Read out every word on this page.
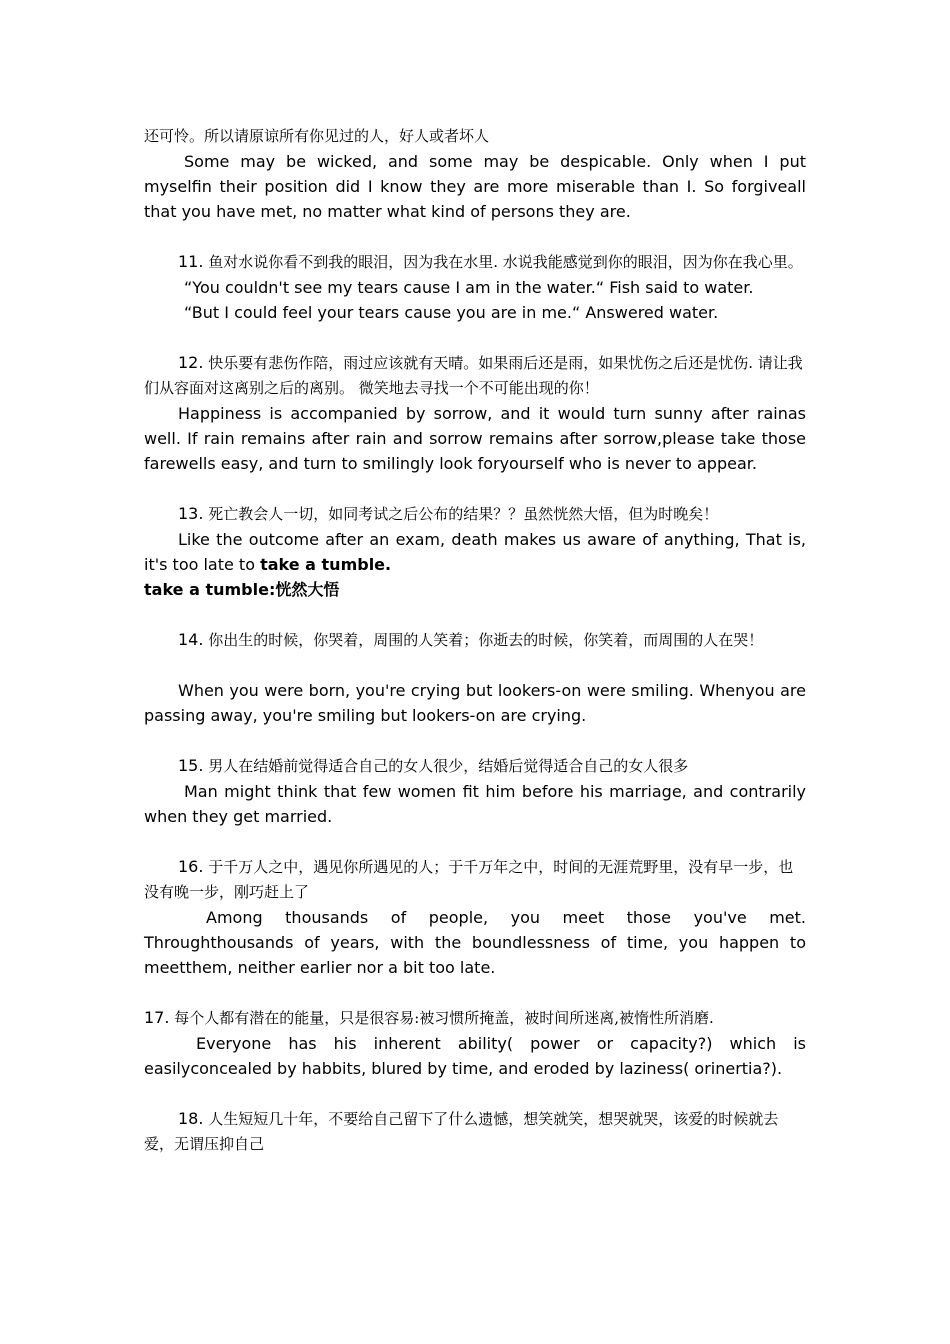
还可怜。所以请原谅所有你见过的人，好人或者坏人
Some may be wicked, and some may be despicable. Only when I put myselfin their position did I know they are more miserable than I. So forgiveall that you have met, no matter what kind of persons they are.
11. 鱼对水说你看不到我的眼泪，因为我在水里. 水说我能感觉到你的眼泪，因为你在我心里。
“You couldn't see my tears cause I am in the water.“ Fish said to water.
“But I could feel your tears cause you are in me.“ Answered water.
12. 快乐要有悲伤作陪，雨过应该就有天晴。如果雨后还是雨，如果忧伤之后还是忧伤. 请让我们从容面对这离别之后的离别。 微笑地去寻找一个不可能出现的你！
Happiness is accompanied by sorrow, and it would turn sunny after rainas well. If rain remains after rain and sorrow remains after sorrow,please take those farewells easy, and turn to smilingly look foryourself who is never to appear.
13. 死亡教会人一切，如同考试之后公布的结果？？虽然恍然大悟，但为时晚矣！
Like the outcome after an exam, death makes us aware of anything, That is, it's too late to take a tumble.
take a tumble:恍然大悟
14. 你出生的时候，你哭着，周围的人笑着；你逝去的时候，你笑着，而周围的人在哭！
When you were born, you're crying but lookers-on were smiling. Whenyou are passing away, you're smiling but lookers-on are crying.
15. 男人在结婚前觉得适合自己的女人很少，结婚后觉得适合自己的女人很多
Man might think that few women fit him before his marriage, and contrarily when they get married.
16. 于千万人之中，遇见你所遇见的人；于千万年之中，时间的无涯荒野里，没有早一步，也没有晚一步，刚巧赶上了
Among thousands of people, you meet those you've met. Throughthousands of years, with the boundlessness of time, you happen to meetthem, neither earlier nor a bit too late.
17. 每个人都有潜在的能量，只是很容易:被习惯所掩盖，被时间所迷离,被惰性所消磨.
Everyone has his inherent ability( power or capacity?) which is easilyconcealed by habbits, blured by time, and eroded by laziness( orinertia?).
18. 人生短短几十年，不要给自己留下了什么遗憾，想笑就笑，想哭就哭，该爱的时候就去爱，无谓压抑自己
